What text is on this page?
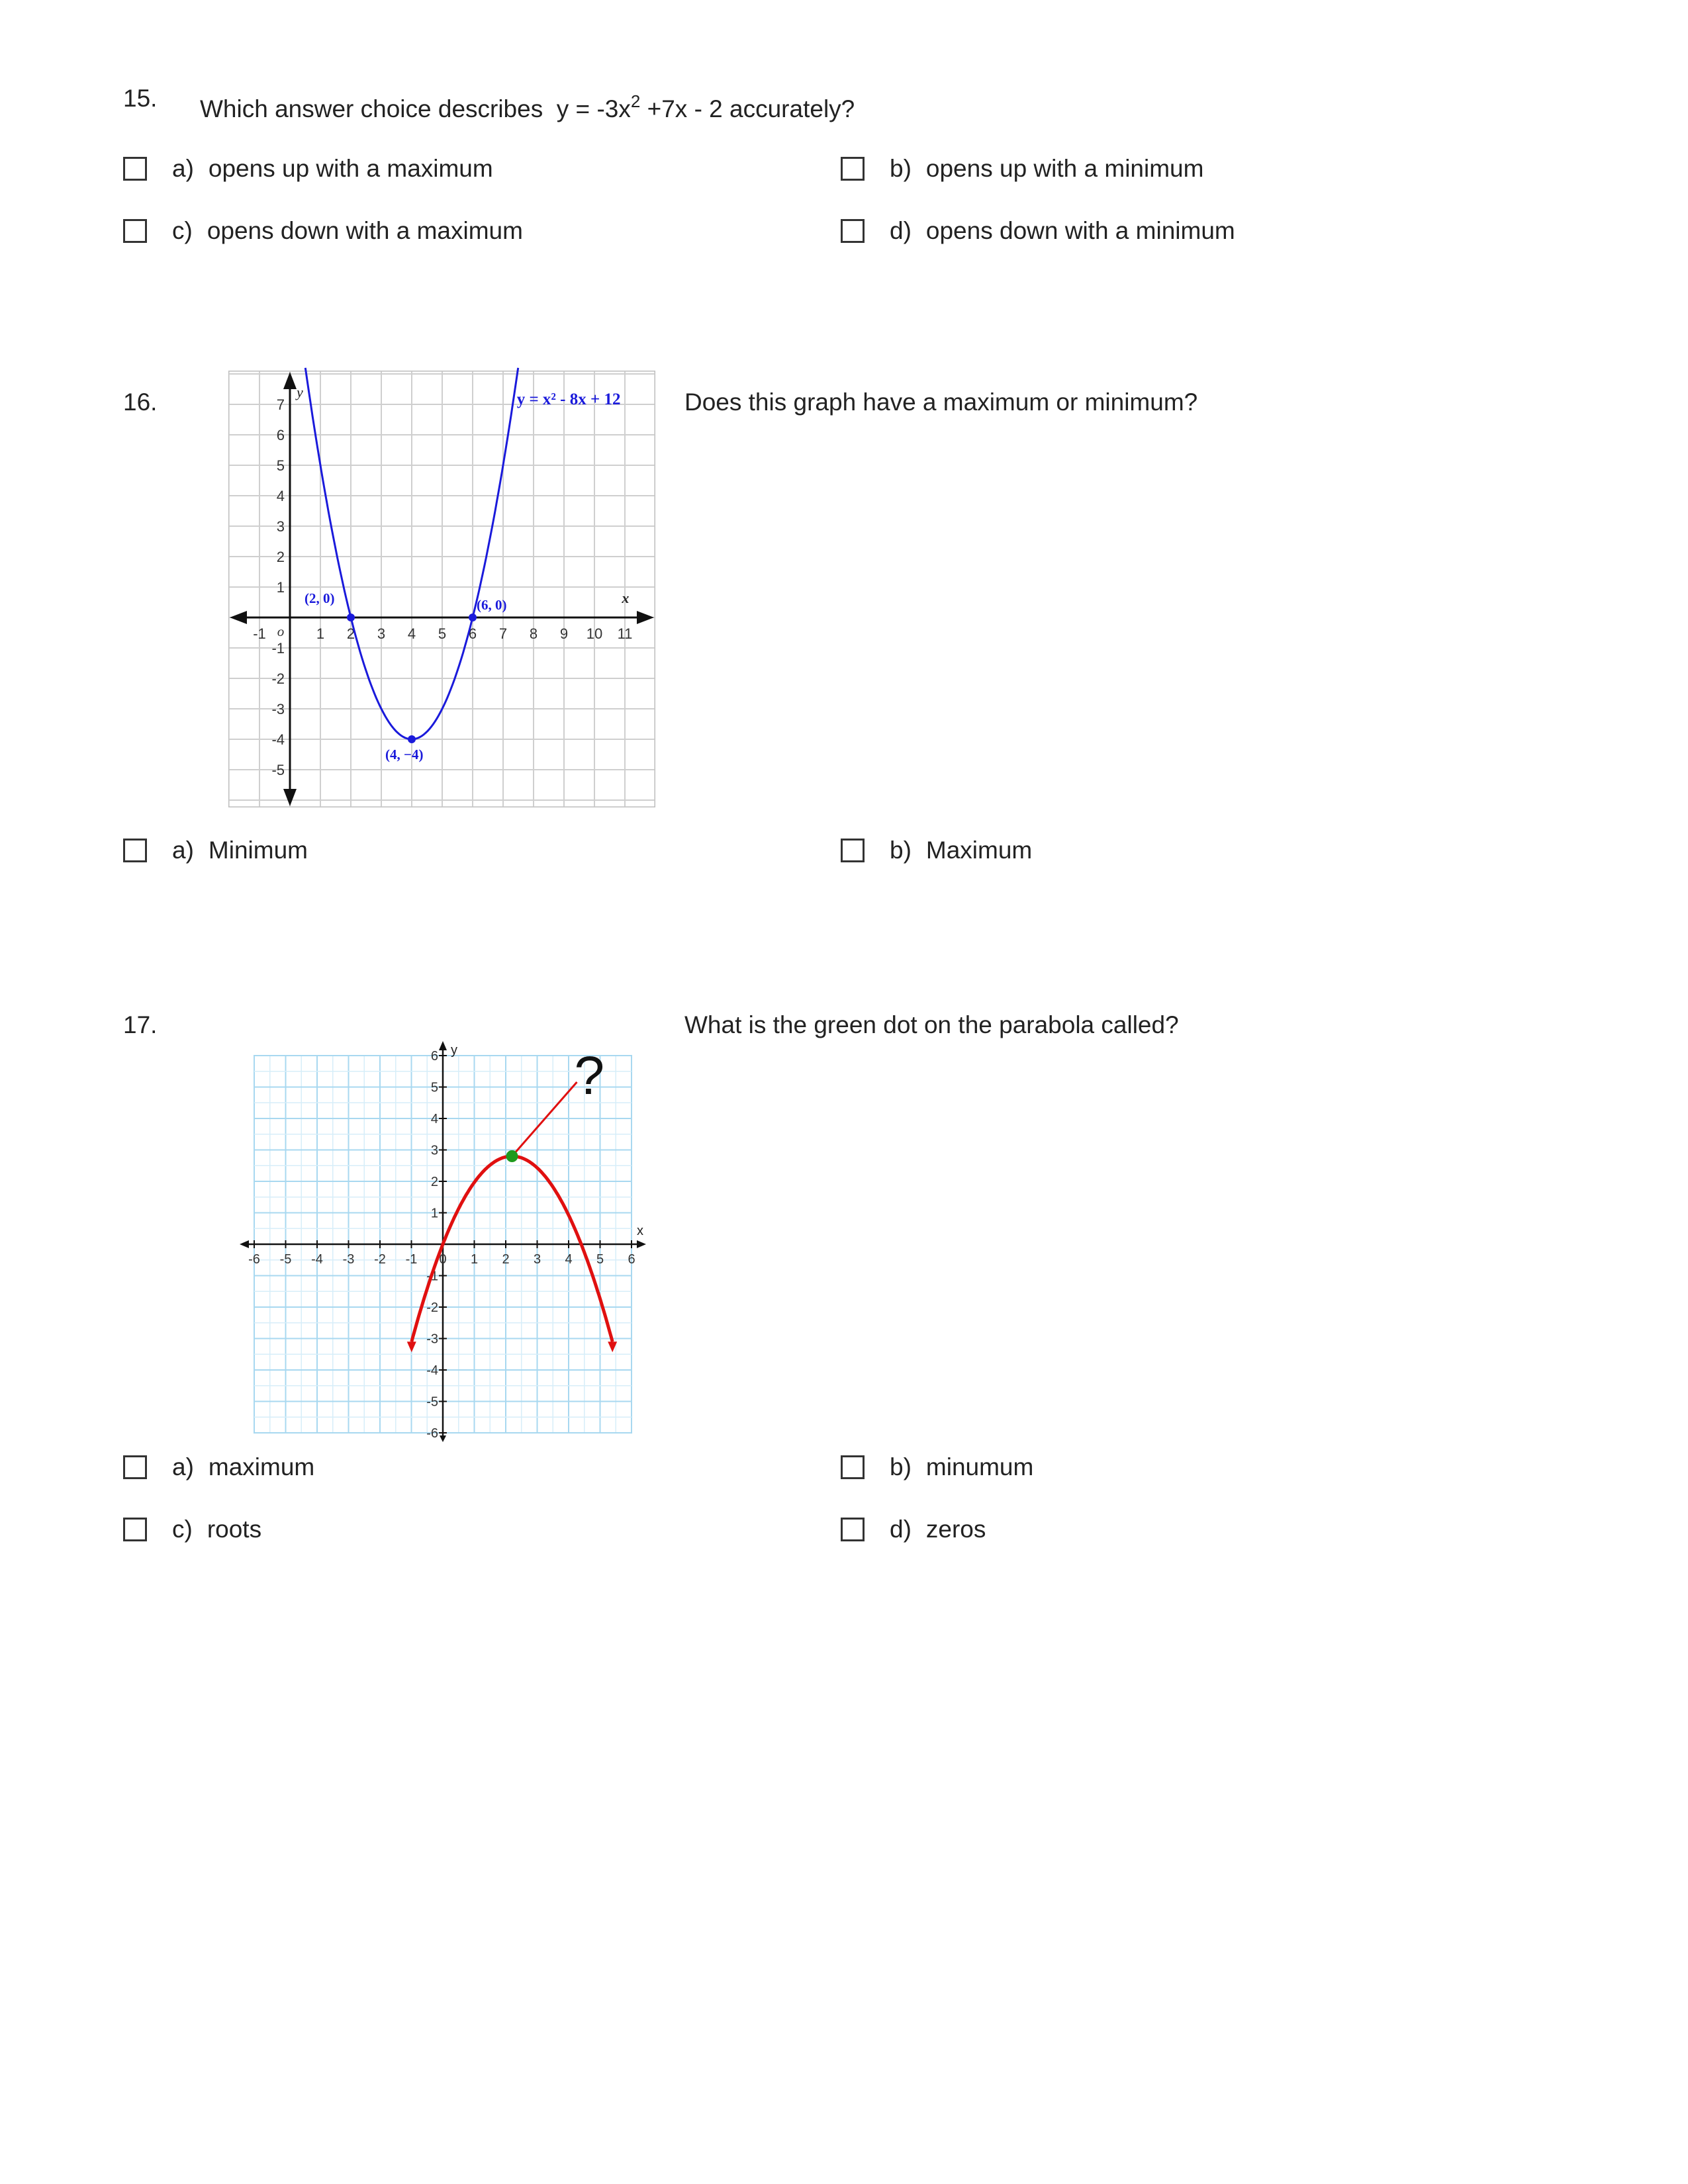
15. Which answer choice describes $y = -3x^2 +7x - 2$ accurately?
a) opens up with a maximum	b) opens up with a minimum
c) opens down with a maximum	d) opens down with a minimum
16.	Does this graph have a maximum or minimum?
-1	1 2 3 4 5 6 7 8 9 10 11
7
6
5
4
3
2
1
-1
-2
-3
-4
-5
o
y
x
y = x² - 8x + 12
(2, 0)	(6, 0)
(4, −4)
a) Minimum	b) Maximum
17.	What is the green dot on the parabola called?
x
y
-6 -5 -4 -3 -2 -1 0 1 2 3 4 5 6
6
5
4
3
2
1
-1
-2
-3
-4
-5
-6
?
a) maximum	b) minumum
c) roots	d) zeros
